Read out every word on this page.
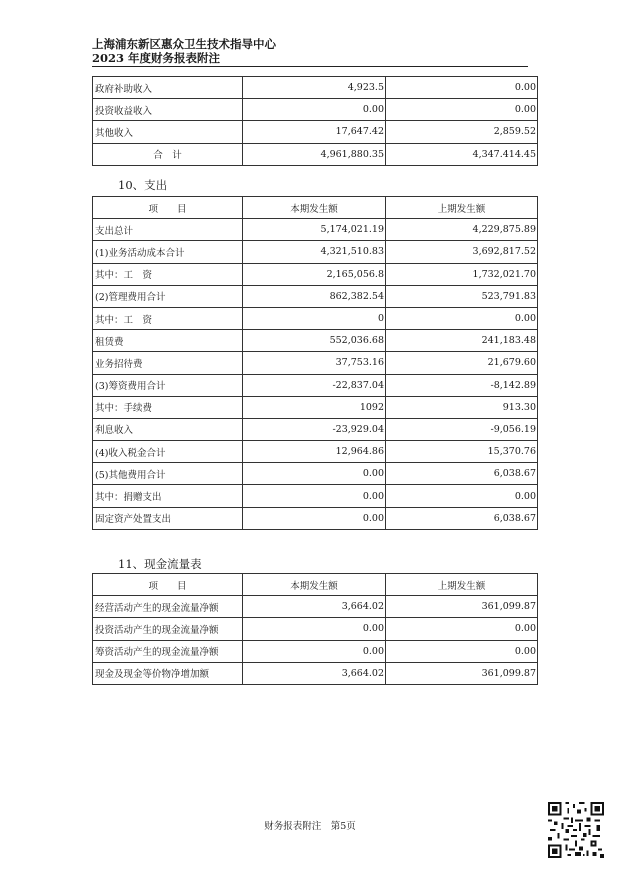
上海浦东新区惠众卫生技术指导中心
2023 年度财务报表附注
政府补助收入	4,923.5	0.00
投资收益收入	0.00	0.00
其他收入	17,647.42	2,859.52
合　计	4,961,880.35	4,347.414.45
10、支出
项　　目	本期发生额	上期发生额
支出总计	5,174,021.19	4,229,875.89
(1)业务活动成本合计	4,321,510.83	3,692,817.52
其中：工　资	2,165,056.8	1,732,021.70
(2)管理费用合计	862,382.54	523,791.83
其中：工　资	0	0.00
租赁费	552,036.68	241,183.48
业务招待费	37,753.16	21,679.60
(3)筹资费用合计	-22,837.04	-8,142.89
其中：手续费	1092	913.30
利息收入	-23,929.04	-9,056.19
(4)收入税金合计	12,964.86	15,370.76
(5)其他费用合计	0.00	6,038.67
其中：捐赠支出	0.00	0.00
固定资产处置支出	0.00	6,038.67
11、现金流量表
项　　目	本期发生额	上期发生额
经营活动产生的现金流量净额	3,664.02	361,099.87
投资活动产生的现金流量净额	0.00	0.00
筹资活动产生的现金流量净额	0.00	0.00
现金及现金等价物净增加额	3,664.02	361,099.87
财务报表附注　第5页
